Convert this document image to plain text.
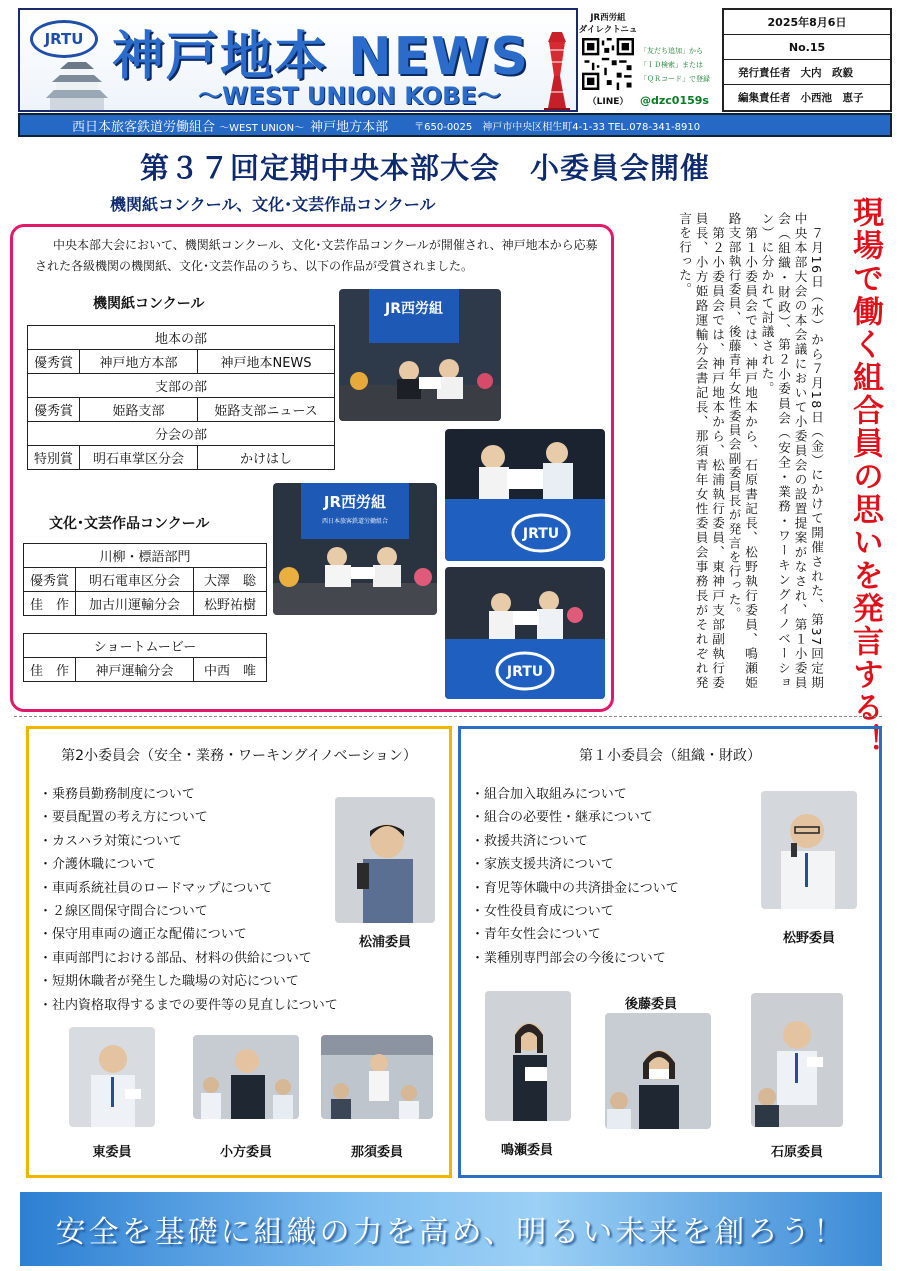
JRTU 神戸地本 NEWS
～WEST UNION KOBE～
JR西労組
ダイレクトニュ
（LINE）
「友だち追加」から
「ＩＤ検索」または
「ＱＲコード」で登録
@dzc0159s
2025年8月6日
No.15
発行責任者 大内　政毅
編集責任者 小西池　恵子
西日本旅客鉄道労働組合 ～WEST UNION～ 神戸地方本部	〒650-0025　神戸市中央区相生町4-1-33 TEL.078-341-8910
第３７回定期中央本部大会　小委員会開催
機関紙コンクール、文化･文芸作品コンクール
中央本部大会において、機関紙コンクール、文化･文芸作品コンクールが開催され、神戸地本から応募された各級機関の機関紙、文化･文芸作品のうち、以下の作品が受賞されました。
機関紙コンクール
地本の部		
優秀賞	神戸地方本部	神戸地本NEWS
支部の部		
優秀賞	姫路支部	姫路支部ニュース
分会の部		
特別賞	明石車掌区分会	かけはし
文化･文芸作品コンクール
川柳・標語部門		
優秀賞	明石電車区分会	大澤　聡
佳　作	加古川運輸分会	松野祐樹
ショートムービー
佳　作	神戸運輸分会	中西　唯
JR西労組
JRTU
JR西労組
西日本旅客鉄道労働組合
JRTU	　７月16日（水）から７月18日（金）にかけて開催された、第37回定期中央本部大会の本会議において小委員会の設置提案がなされ、第１小委員会（組織・財政）、第２小委員会（安全・業務・ワーキングイノベーション）に分かれて討議された。

　第１小委員会では、神戸地本から、石原書記長、松野執行委員、鳴瀬姫路支部執行委員、後藤青年女性委員会副委員長が発言を行った。

　第２小委員会では、神戸地本から、松浦執行委員、東神戸支部副執行委員長、小方姫路運輸分会書記長、那須青年女性委員会事務長がそれぞれ発言を行った。	現場で働く組合員の思いを発言する！
第2小委員会（安全・業務・ワーキングイノベーション）
・乗務員勤務制度について
・要員配置の考え方について
・カスハラ対策について
・介護休職について
・車両系統社員のロードマップについて
・２線区間保守間合について
・保守用車両の適正な配備について
・車両部門における部品、材料の供給について
・短期休職者が発生した職場の対応について
・社内資格取得するまでの要件等の見直しについて
松浦委員
東委員	小方委員	那須委員
第１小委員会（組織・財政）
・組合加入取組みについて
・組合の必要性・継承について
・救援共済について
・家族支援共済について
・育児等休職中の共済掛金について
・女性役員育成について
・青年女性会について
・業種別専門部会の今後について
松野委員
後藤委員
鳴瀬委員	石原委員
安全を基礎に組織の力を高め、明るい未来を創ろう！
